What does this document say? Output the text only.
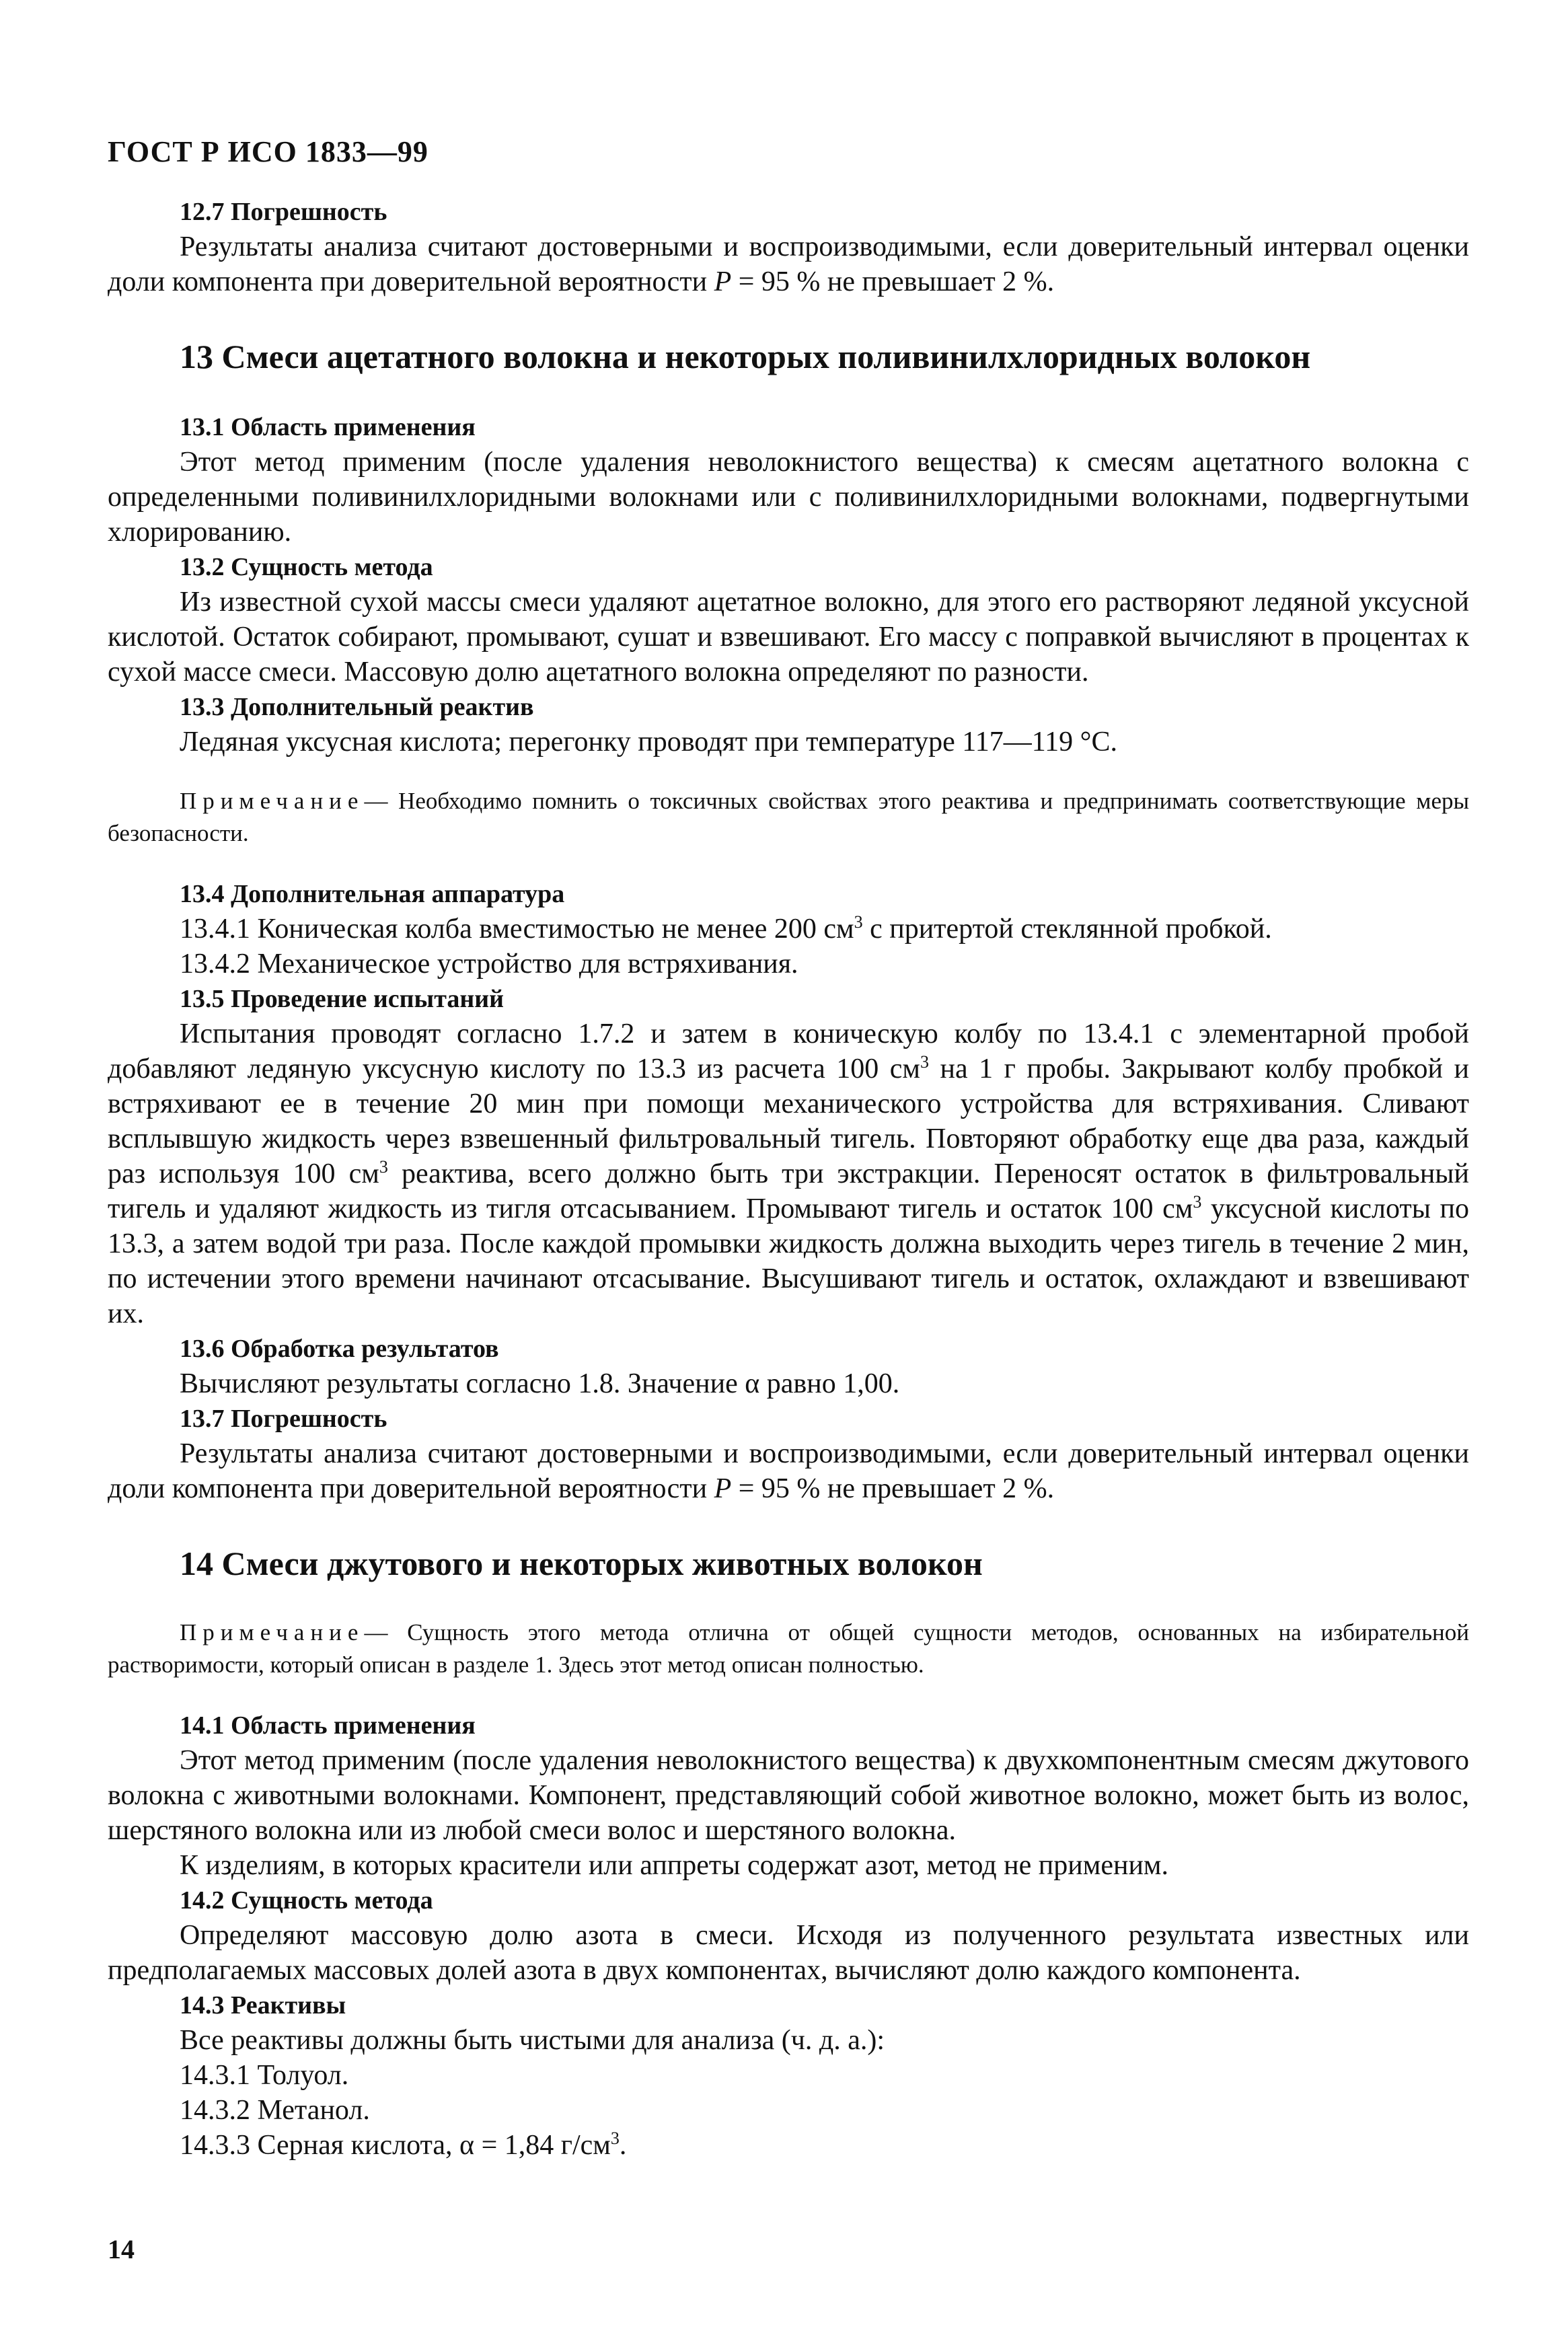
ГОСТ Р ИСО 1833—99
12.7 Погрешность
Результаты анализа считают достоверными и воспроизводимыми, если доверительный интервал оценки доли компонента при доверительной вероятности P = 95 % не превышает 2 %.
13 Смеси ацетатного волокна и некоторых поливинилхлоридных волокон
13.1 Область применения
Этот метод применим (после удаления неволокнистого вещества) к смесям ацетатного волокна с определенными поливинилхлоридными волокнами или с поливинилхлоридными волокнами, подвергнутыми хлорированию.
13.2 Сущность метода
Из известной сухой массы смеси удаляют ацетатное волокно, для этого его растворяют ледяной уксусной кислотой. Остаток собирают, промывают, сушат и взвешивают. Его массу с поправкой вычисляют в процентах к сухой массе смеси. Массовую долю ацетатного волокна определяют по разности.
13.3 Дополнительный реактив
Ледяная уксусная кислота; перегонку проводят при температуре 117—119 °С.
Примечание— Необходимо помнить о токсичных свойствах этого реактива и предпринимать соответствующие меры безопасности.
13.4 Дополнительная аппаратура
13.4.1 Коническая колба вместимостью не менее 200 $см^3$ с притертой стеклянной пробкой.
13.4.2 Механическое устройство для встряхивания.
13.5 Проведение испытаний
Испытания проводят согласно 1.7.2 и затем в коническую колбу по 13.4.1 с элементарной пробой добавляют ледяную уксусную кислоту по 13.3 из расчета 100 $см^3$ на 1 г пробы. Закрывают колбу пробкой и встряхивают ее в течение 20 мин при помощи механического устройства для встряхивания. Сливают всплывшую жидкость через взвешенный фильтровальный тигель. Повторяют обработку еще два раза, каждый раз используя 100 $см^3$ реактива, всего должно быть три экстракции. Переносят остаток в фильтровальный тигель и удаляют жидкость из тигля отсасыванием. Промывают тигель и остаток 100 $см^3$ уксусной кислоты по 13.3, а затем водой три раза. После каждой промывки жидкость должна выходить через тигель в течение 2 мин, по истечении этого времени начинают отсасывание. Высушивают тигель и остаток, охлаждают и взвешивают их.
13.6 Обработка результатов
Вычисляют результаты согласно 1.8. Значение α равно 1,00.
13.7 Погрешность
Результаты анализа считают достоверными и воспроизводимыми, если доверительный интервал оценки доли компонента при доверительной вероятности P = 95 % не превышает 2 %.
14 Смеси джутового и некоторых животных волокон
Примечание— Сущность этого метода отлична от общей сущности методов, основанных на избирательной растворимости, который описан в разделе 1. Здесь этот метод описан полностью.
14.1 Область применения
Этот метод применим (после удаления неволокнистого вещества) к двухкомпонентным смесям джутового волокна с животными волокнами. Компонент, представляющий собой животное волокно, может быть из волос, шерстяного волокна или из любой смеси волос и шерстяного волокна.
К изделиям, в которых красители или аппреты содержат азот, метод не применим.
14.2 Сущность метода
Определяют массовую долю азота в смеси. Исходя из полученного результата известных или предполагаемых массовых долей азота в двух компонентах, вычисляют долю каждого компонента.
14.3 Реактивы
Все реактивы должны быть чистыми для анализа (ч. д. а.):
14.3.1 Толуол.
14.3.2 Метанол.
14.3.3 Серная кислота, α = 1,84 $г/см^3$.
14
